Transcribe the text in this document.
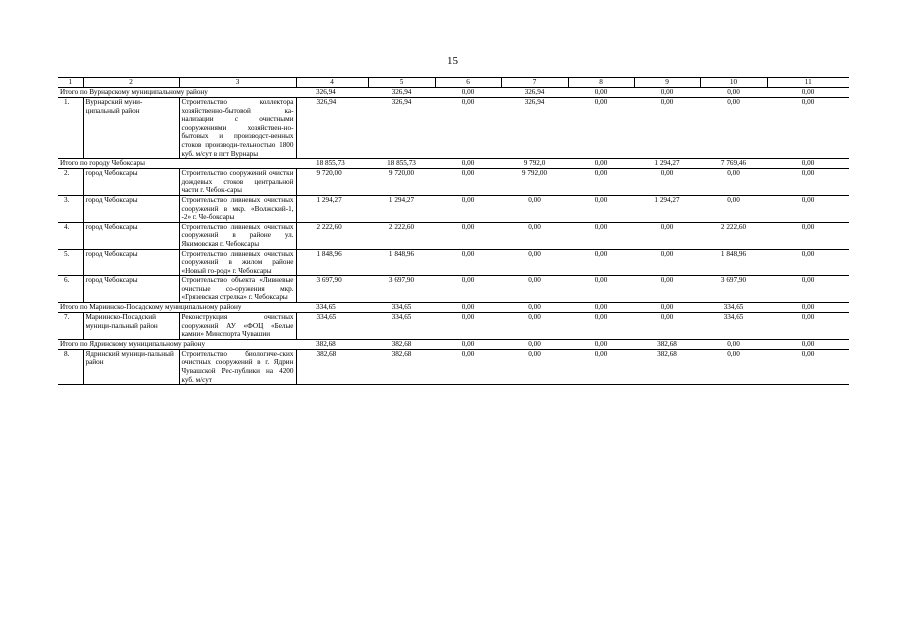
15
1	2	3	4	5	6	7	8	9	10	11
Итого по Вурнарскому муниципальному району			326,94	326,94	0,00	326,94	0,00	0,00	0,00	0,00
1.	Вурнарский муни-ципальный район	Строительство коллектора хозяйственно-бытовой ка-нализации с очистными сооружениями хозяйствен-но-бытовых и производст-венных стоков производи-тельностью 1800 куб. м/сут в пгт Вурнары	326,94	326,94	0,00	326,94	0,00	0,00	0,00	0,00
Итого по городу Чебоксары			18 855,73	18 855,73	0,00	9 792,0	0,00	1 294,27	7 769,46	0,00
2.	город Чебоксары	Строительство сооружений очистки дождевых стоков центральной части г. Чебок-сары	9 720,00	9 720,00	0,00	9 792,00	0,00	0,00	0,00	0,00
3.	город Чебоксары	Строительство ливневых очистных сооружений в мкр. «Волжский-1, -2» г. Че-боксары	1 294,27	1 294,27	0,00	0,00	0,00	1 294,27	0,00	0,00
4.	город Чебоксары	Строительство ливневых очистных сооружений в районе ул. Якимовская г. Чебоксары	2 222,60	2 222,60	0,00	0,00	0,00	0,00	2 222,60	0,00
5.	город Чебоксары	Строительство ливневых очистных сооружений в жилом районе «Новый го-род» г. Чебоксары	1 848,96	1 848,96	0,00	0,00	0,00	0,00	1 848,96	0,00
6.	город Чебоксары	Строительство объекта «Ливневые очистные со-оружения мкр. «Грязевская стрелка» г. Чебоксары	3 697,90	3 697,90	0,00	0,00	0,00	0,00	3 697,90	0,00
Итого по Мариинско-Посадскому муниципальному району			334,65	334,65	0,00	0,00	0,00	0,00	334,65	0,00
7.	Мариинско-Посадский муници-пальный район	Реконструкция очистных сооружений АУ «ФОЦ «Белые камни» Минспорта Чувашии	334,65	334,65	0,00	0,00	0,00	0,00	334,65	0,00
Итого по Ядринскому муниципальному району			382,68	382,68	0,00	0,00	0,00	382,68	0,00	0,00
8.	Ядринский муници-пальный район	Строительство биологиче-ских очистных сооружений в г. Ядрин Чувашской Рес-публики на 4200 куб. м/сут	382,68	382,68	0,00	0,00	0,00	382,68	0,00	0,00
